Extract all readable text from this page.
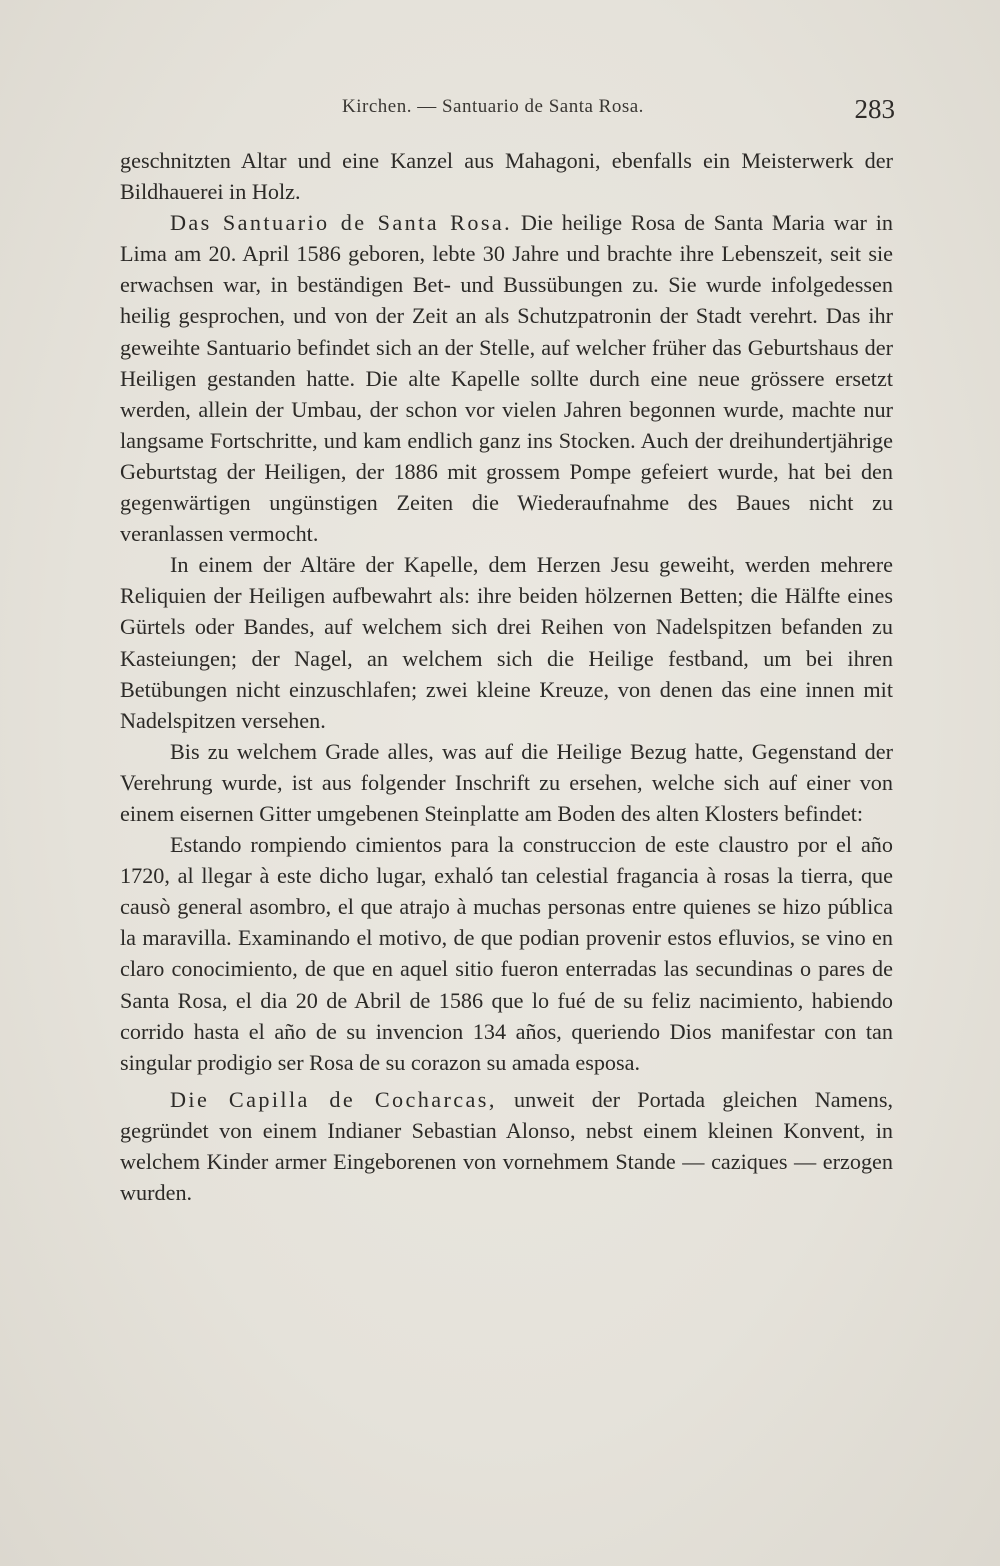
Kirchen. — Santuario de Santa Rosa.	283

geschnitzten Altar und eine Kanzel aus Mahagoni, ebenfalls ein Meisterwerk der Bildhauerei in Holz.

Das Santuario de Santa Rosa. Die heilige Rosa de Santa Maria war in Lima am 20. April 1586 geboren, lebte 30 Jahre und brachte ihre Lebenszeit, seit sie erwachsen war, in beständigen Bet- und Bussübungen zu. Sie wurde infolgedessen heilig gesprochen, und von der Zeit an als Schutzpatronin der Stadt verehrt. Das ihr geweihte Santuario befindet sich an der Stelle, auf welcher früher das Geburtshaus der Heiligen gestanden hatte. Die alte Kapelle sollte durch eine neue grössere ersetzt werden, allein der Umbau, der schon vor vielen Jahren begonnen wurde, machte nur langsame Fortschritte, und kam endlich ganz ins Stocken. Auch der dreihundertjährige Geburtstag der Heiligen, der 1886 mit grossem Pompe gefeiert wurde, hat bei den gegenwärtigen ungünstigen Zeiten die Wiederaufnahme des Baues nicht zu veranlassen vermocht.

In einem der Altäre der Kapelle, dem Herzen Jesu geweiht, werden mehrere Reliquien der Heiligen aufbewahrt als: ihre beiden hölzernen Betten; die Hälfte eines Gürtels oder Bandes, auf welchem sich drei Reihen von Nadelspitzen befanden zu Kasteiungen; der Nagel, an welchem sich die Heilige festband, um bei ihren Betübungen nicht einzuschlafen; zwei kleine Kreuze, von denen das eine innen mit Nadelspitzen versehen.

Bis zu welchem Grade alles, was auf die Heilige Bezug hatte, Gegenstand der Verehrung wurde, ist aus folgender Inschrift zu ersehen, welche sich auf einer von einem eisernen Gitter umgebenen Steinplatte am Boden des alten Klosters befindet:

Estando rompiendo cimientos para la construccion de este claustro por el año 1720, al llegar à este dicho lugar, exhaló tan celestial fragancia à rosas la tierra, que causò general asombro, el que atrajo à muchas personas entre quienes se hizo pública la maravilla. Examinando el motivo, de que podian provenir estos efluvios, se vino en claro conocimiento, de que en aquel sitio fueron enterradas las secundinas o pares de Santa Rosa, el dia 20 de Abril de 1586 que lo fué de su feliz nacimiento, habiendo corrido hasta el año de su invencion 134 años, queriendo Dios manifestar con tan singular prodigio ser Rosa de su corazon su amada esposa.

Die Capilla de Cocharcas, unweit der Portada gleichen Namens, gegründet von einem Indianer Sebastian Alonso, nebst einem kleinen Konvent, in welchem Kinder armer Eingeborenen von vornehmem Stande — caziques — erzogen wurden.
